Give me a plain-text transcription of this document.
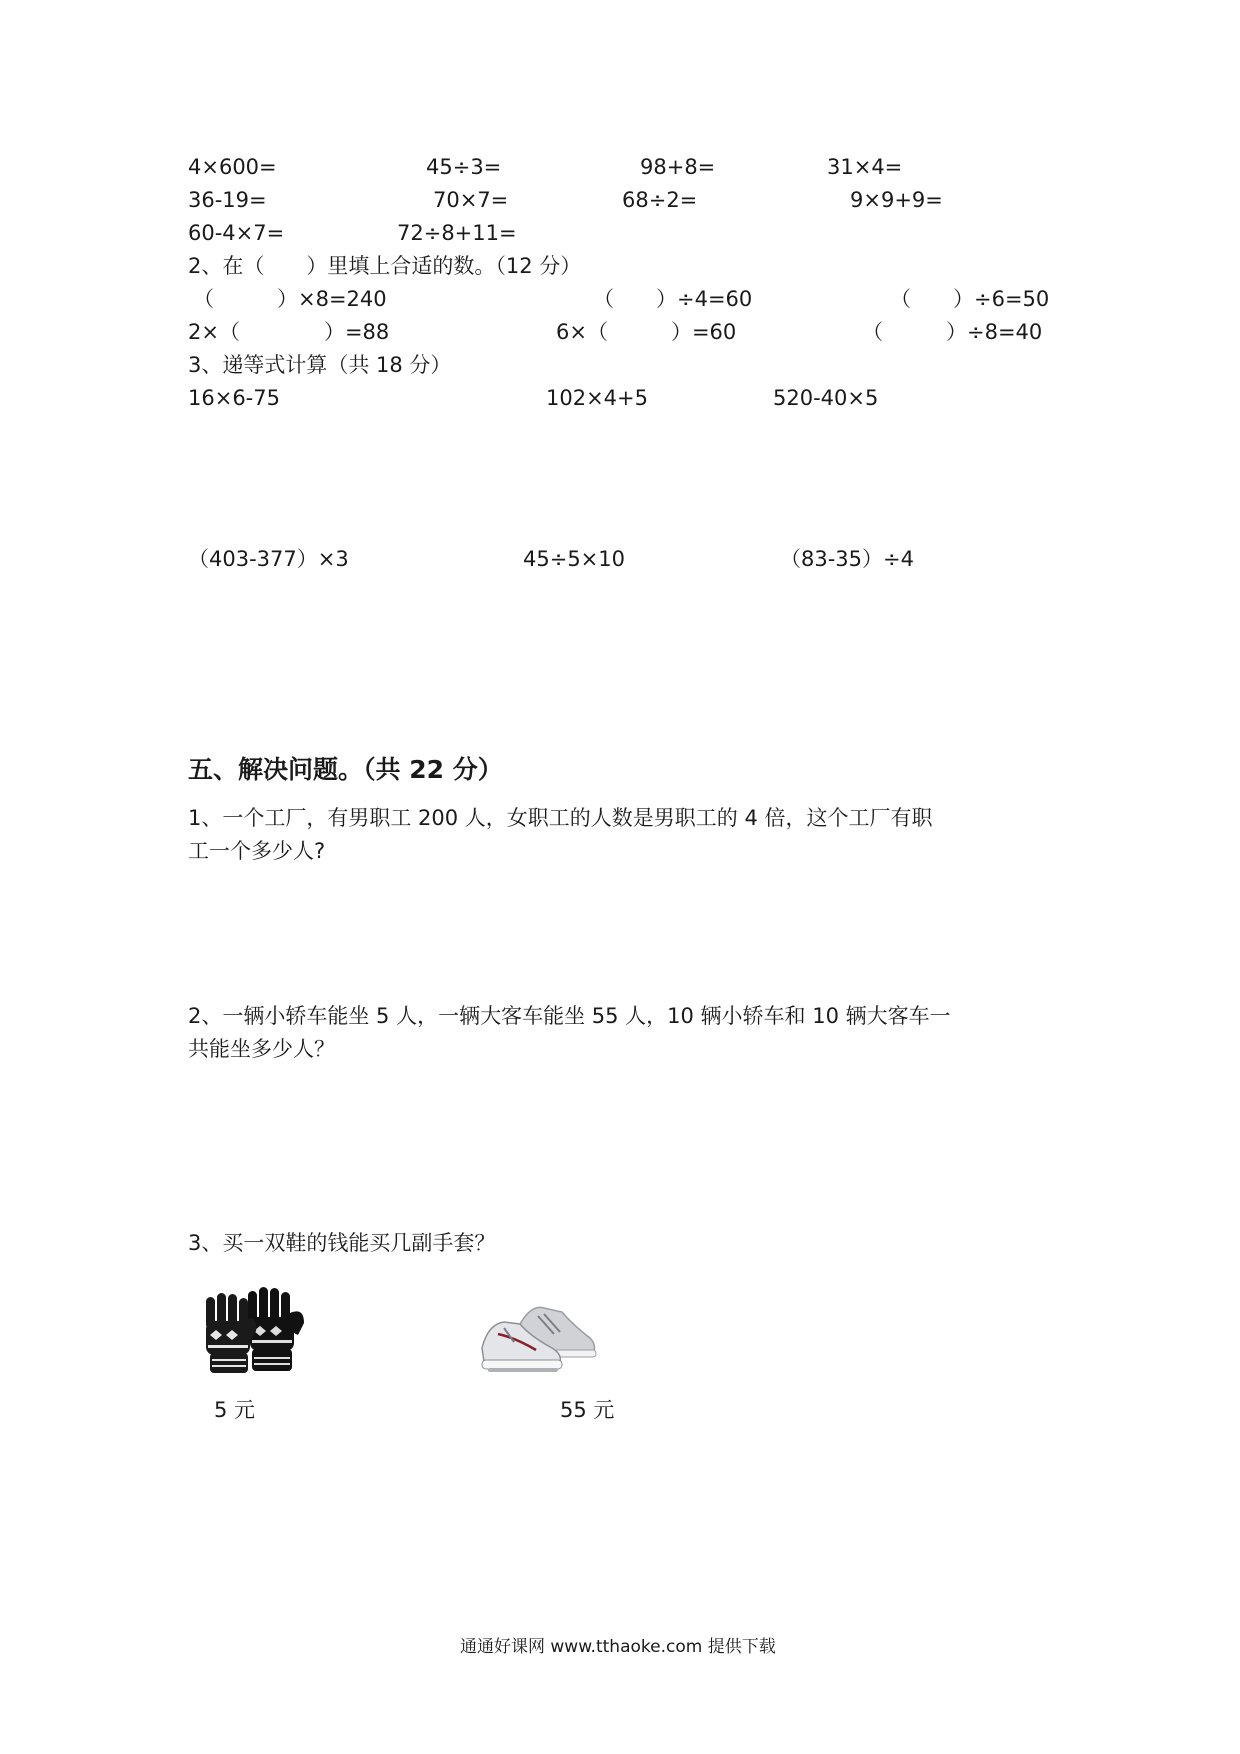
4×600=	45÷3=	98+8=	31×4=
36-19=	70×7=	68÷2=	9×9+9=
60-4×7=	72÷8+11=
2、在（　　）里填上合适的数。（12 分）
（　　　）×8=240	（　　）÷4=60	（　　）÷6=50
2×（　　　　）=88	6×（　　　）=60	（　　　）÷8=40
3、递等式计算（共 18 分）
16×6-75	102×4+5	520-40×5
（403-377）×3	45÷5×10	（83-35）÷4
五、解决问题。（共 22 分）
1、一个工厂，有男职工 200 人，女职工的人数是男职工的 4 倍，这个工厂有职
工一个多少人?
2、一辆小轿车能坐 5 人，一辆大客车能坐 55 人，10 辆小轿车和 10 辆大客车一
共能坐多少人？
3、买一双鞋的钱能买几副手套？
5 元	55 元
通通好课网 www.tthaoke.com 提供下载
